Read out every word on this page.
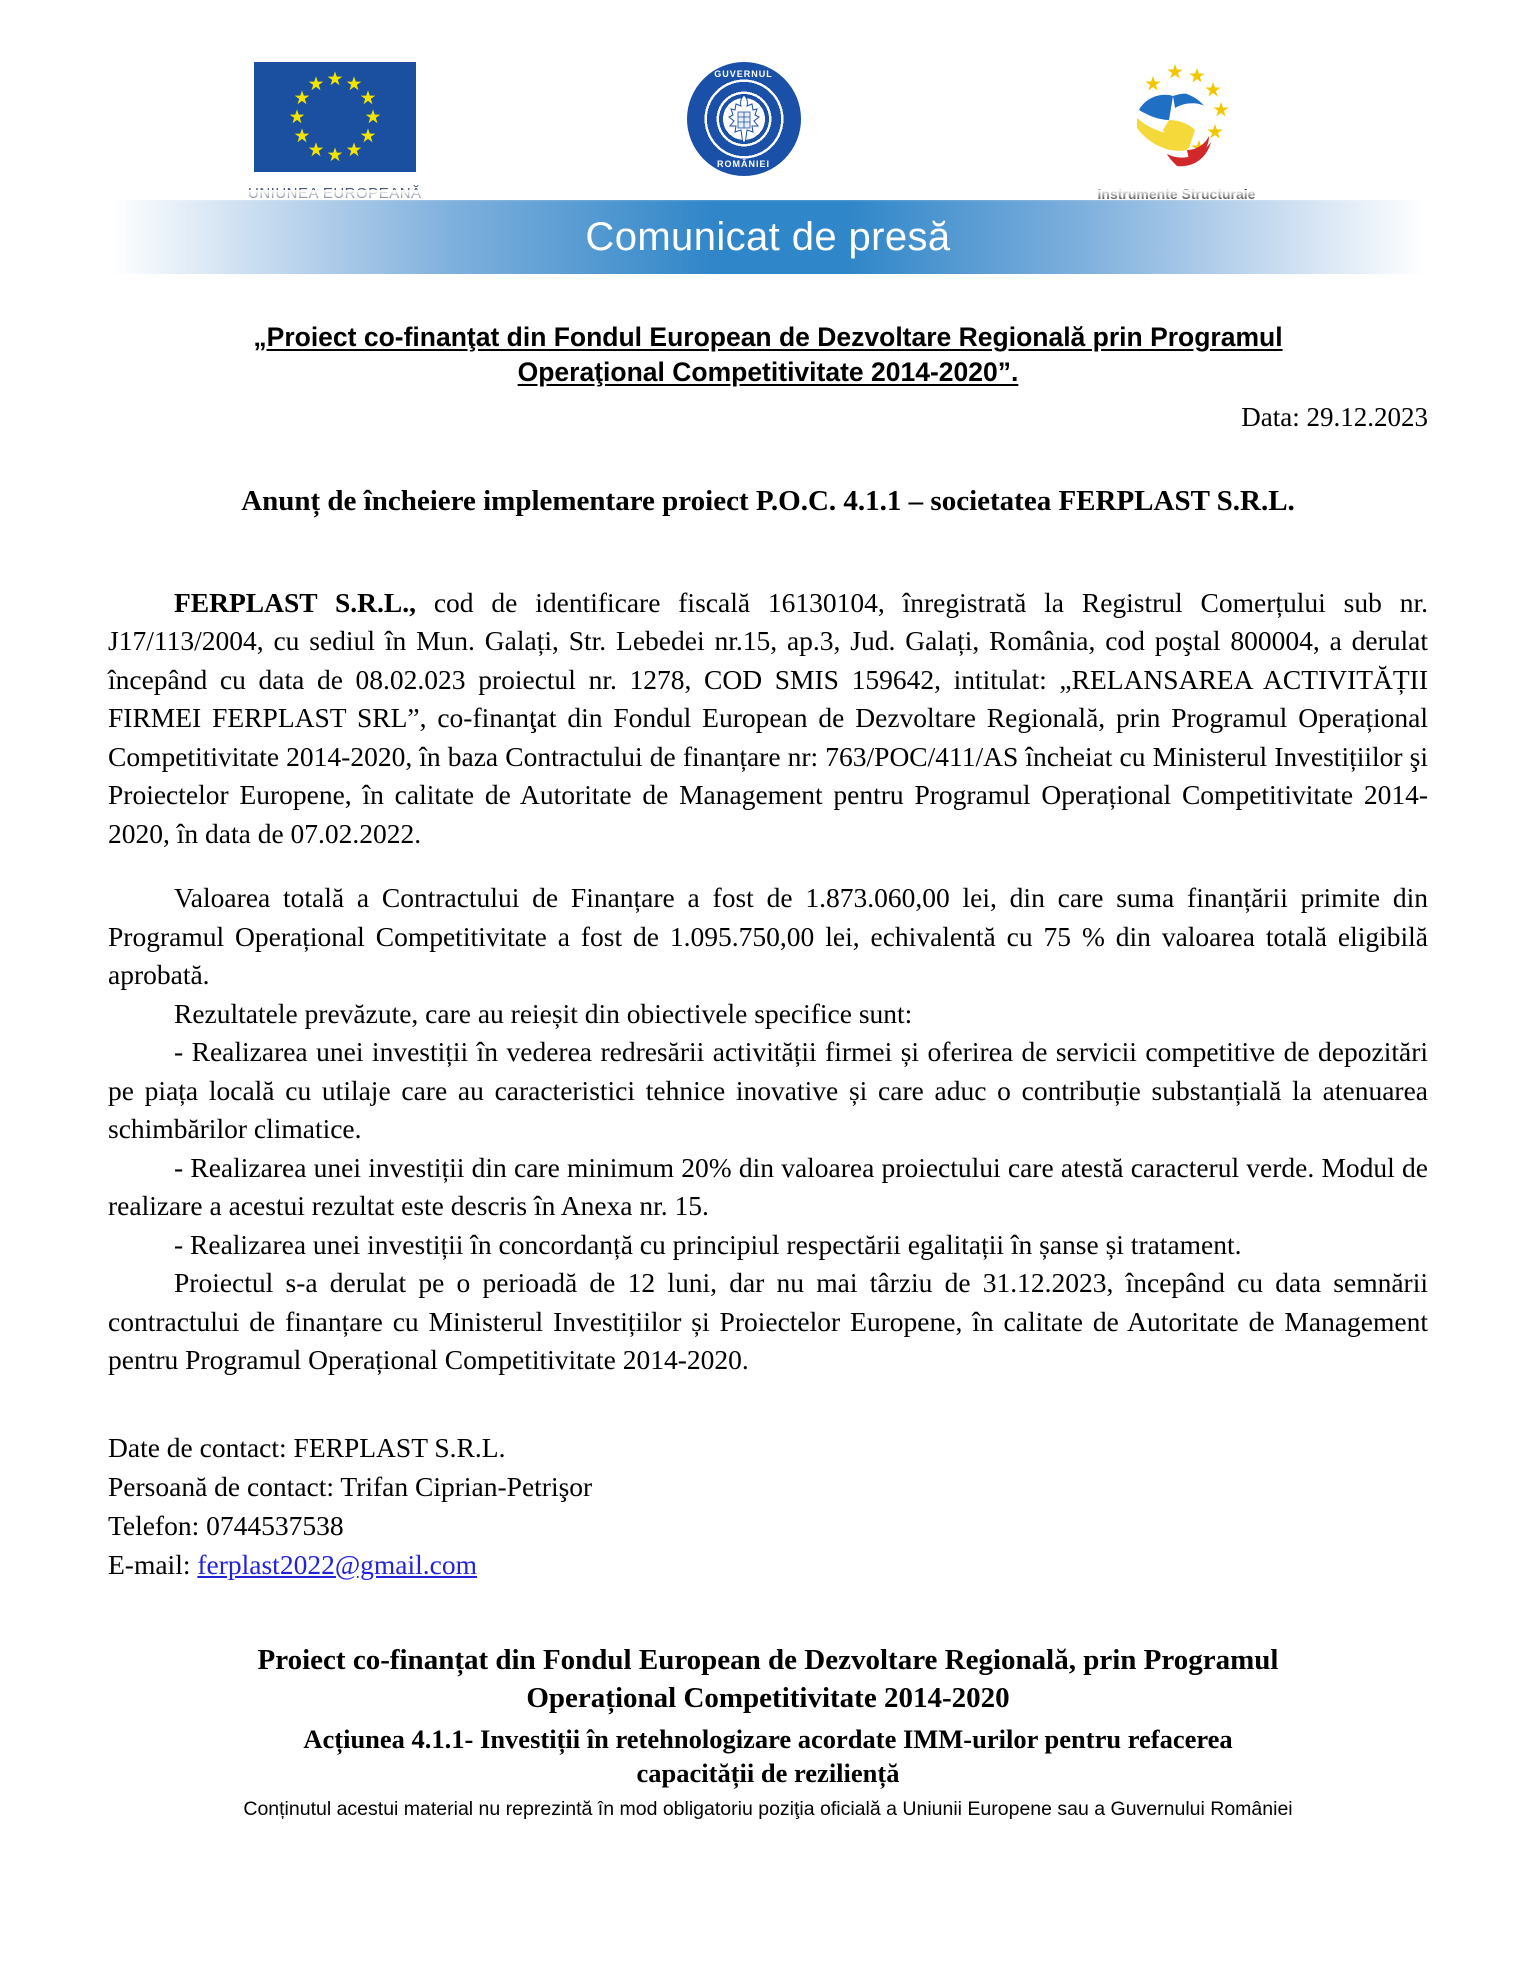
GUVERNUL
ROMÂNIEI
Comunicat de presă
„Proiect co-finanţat din Fondul European de Dezvoltare Regională prin Programul Operaţional Competitivitate 2014-2020”.
Data: 29.12.2023
Anunț de încheiere implementare proiect P.O.C. 4.1.1 – societatea FERPLAST S.R.L.

FERPLAST S.R.L., cod de identificare fiscală 16130104, înregistrată la Registrul Comerțului sub nr. J17/113/2004, cu sediul în Mun. Galați, Str. Lebedei nr.15, ap.3, Jud. Galați, România, cod poştal 800004, a derulat începând cu data de 08.02.023 proiectul nr. 1278, COD SMIS 159642, intitulat: „RELANSAREA ACTIVITĂȚII FIRMEI FERPLAST SRL”, co-finanţat din Fondul European de Dezvoltare Regională, prin Programul Operațional Competitivitate 2014-2020, în baza Contractului de finanțare nr: 763/POC/411/AS încheiat cu Ministerul Investițiilor şi Proiectelor Europene, în calitate de Autoritate de Management pentru Programul Operațional Competitivitate 2014-2020, în data de 07.02.2022.

Valoarea totală a Contractului de Finanțare a fost de 1.873.060,00 lei, din care suma finanțării primite din Programul Operațional Competitivitate a fost de 1.095.750,00 lei, echivalentă cu 75 % din valoarea totală eligibilă aprobată.

Rezultatele prevăzute, care au reieșit din obiectivele specifice sunt:

- Realizarea unei investiții în vederea redresării activității firmei și oferirea de servicii competitive de depozitări pe piața locală cu utilaje care au caracteristici tehnice inovative și care aduc o contribuție substanțială la atenuarea schimbărilor climatice.

- Realizarea unei investiții din care minimum 20% din valoarea proiectului care atestă caracterul verde. Modul de realizare a acestui rezultat este descris în Anexa nr. 15.

- Realizarea unei investiții în concordanță cu principiul respectării egalitații în șanse și tratament.

Proiectul s-a derulat pe o perioadă de 12 luni, dar nu mai târziu de 31.12.2023, începând cu data semnării contractului de finanțare cu Ministerul Investițiilor și Proiectelor Europene, în calitate de Autoritate de Management pentru Programul Operațional Competitivitate 2014-2020.

Date de contact: FERPLAST S.R.L.
Persoană de contact: Trifan Ciprian-Petrişor
Telefon: 0744537538
E-mail: ferplast2022@gmail.com
Proiect co-finanțat din Fondul European de Dezvoltare Regională, prin Programul
Operațional Competitivitate 2014-2020
Acțiunea 4.1.1- Investiții în retehnologizare acordate IMM-urilor pentru refacerea
capacității de reziliență
Conținutul acestui material nu reprezintă în mod obligatoriu poziţia oficială a Uniunii Europene sau a Guvernului României
